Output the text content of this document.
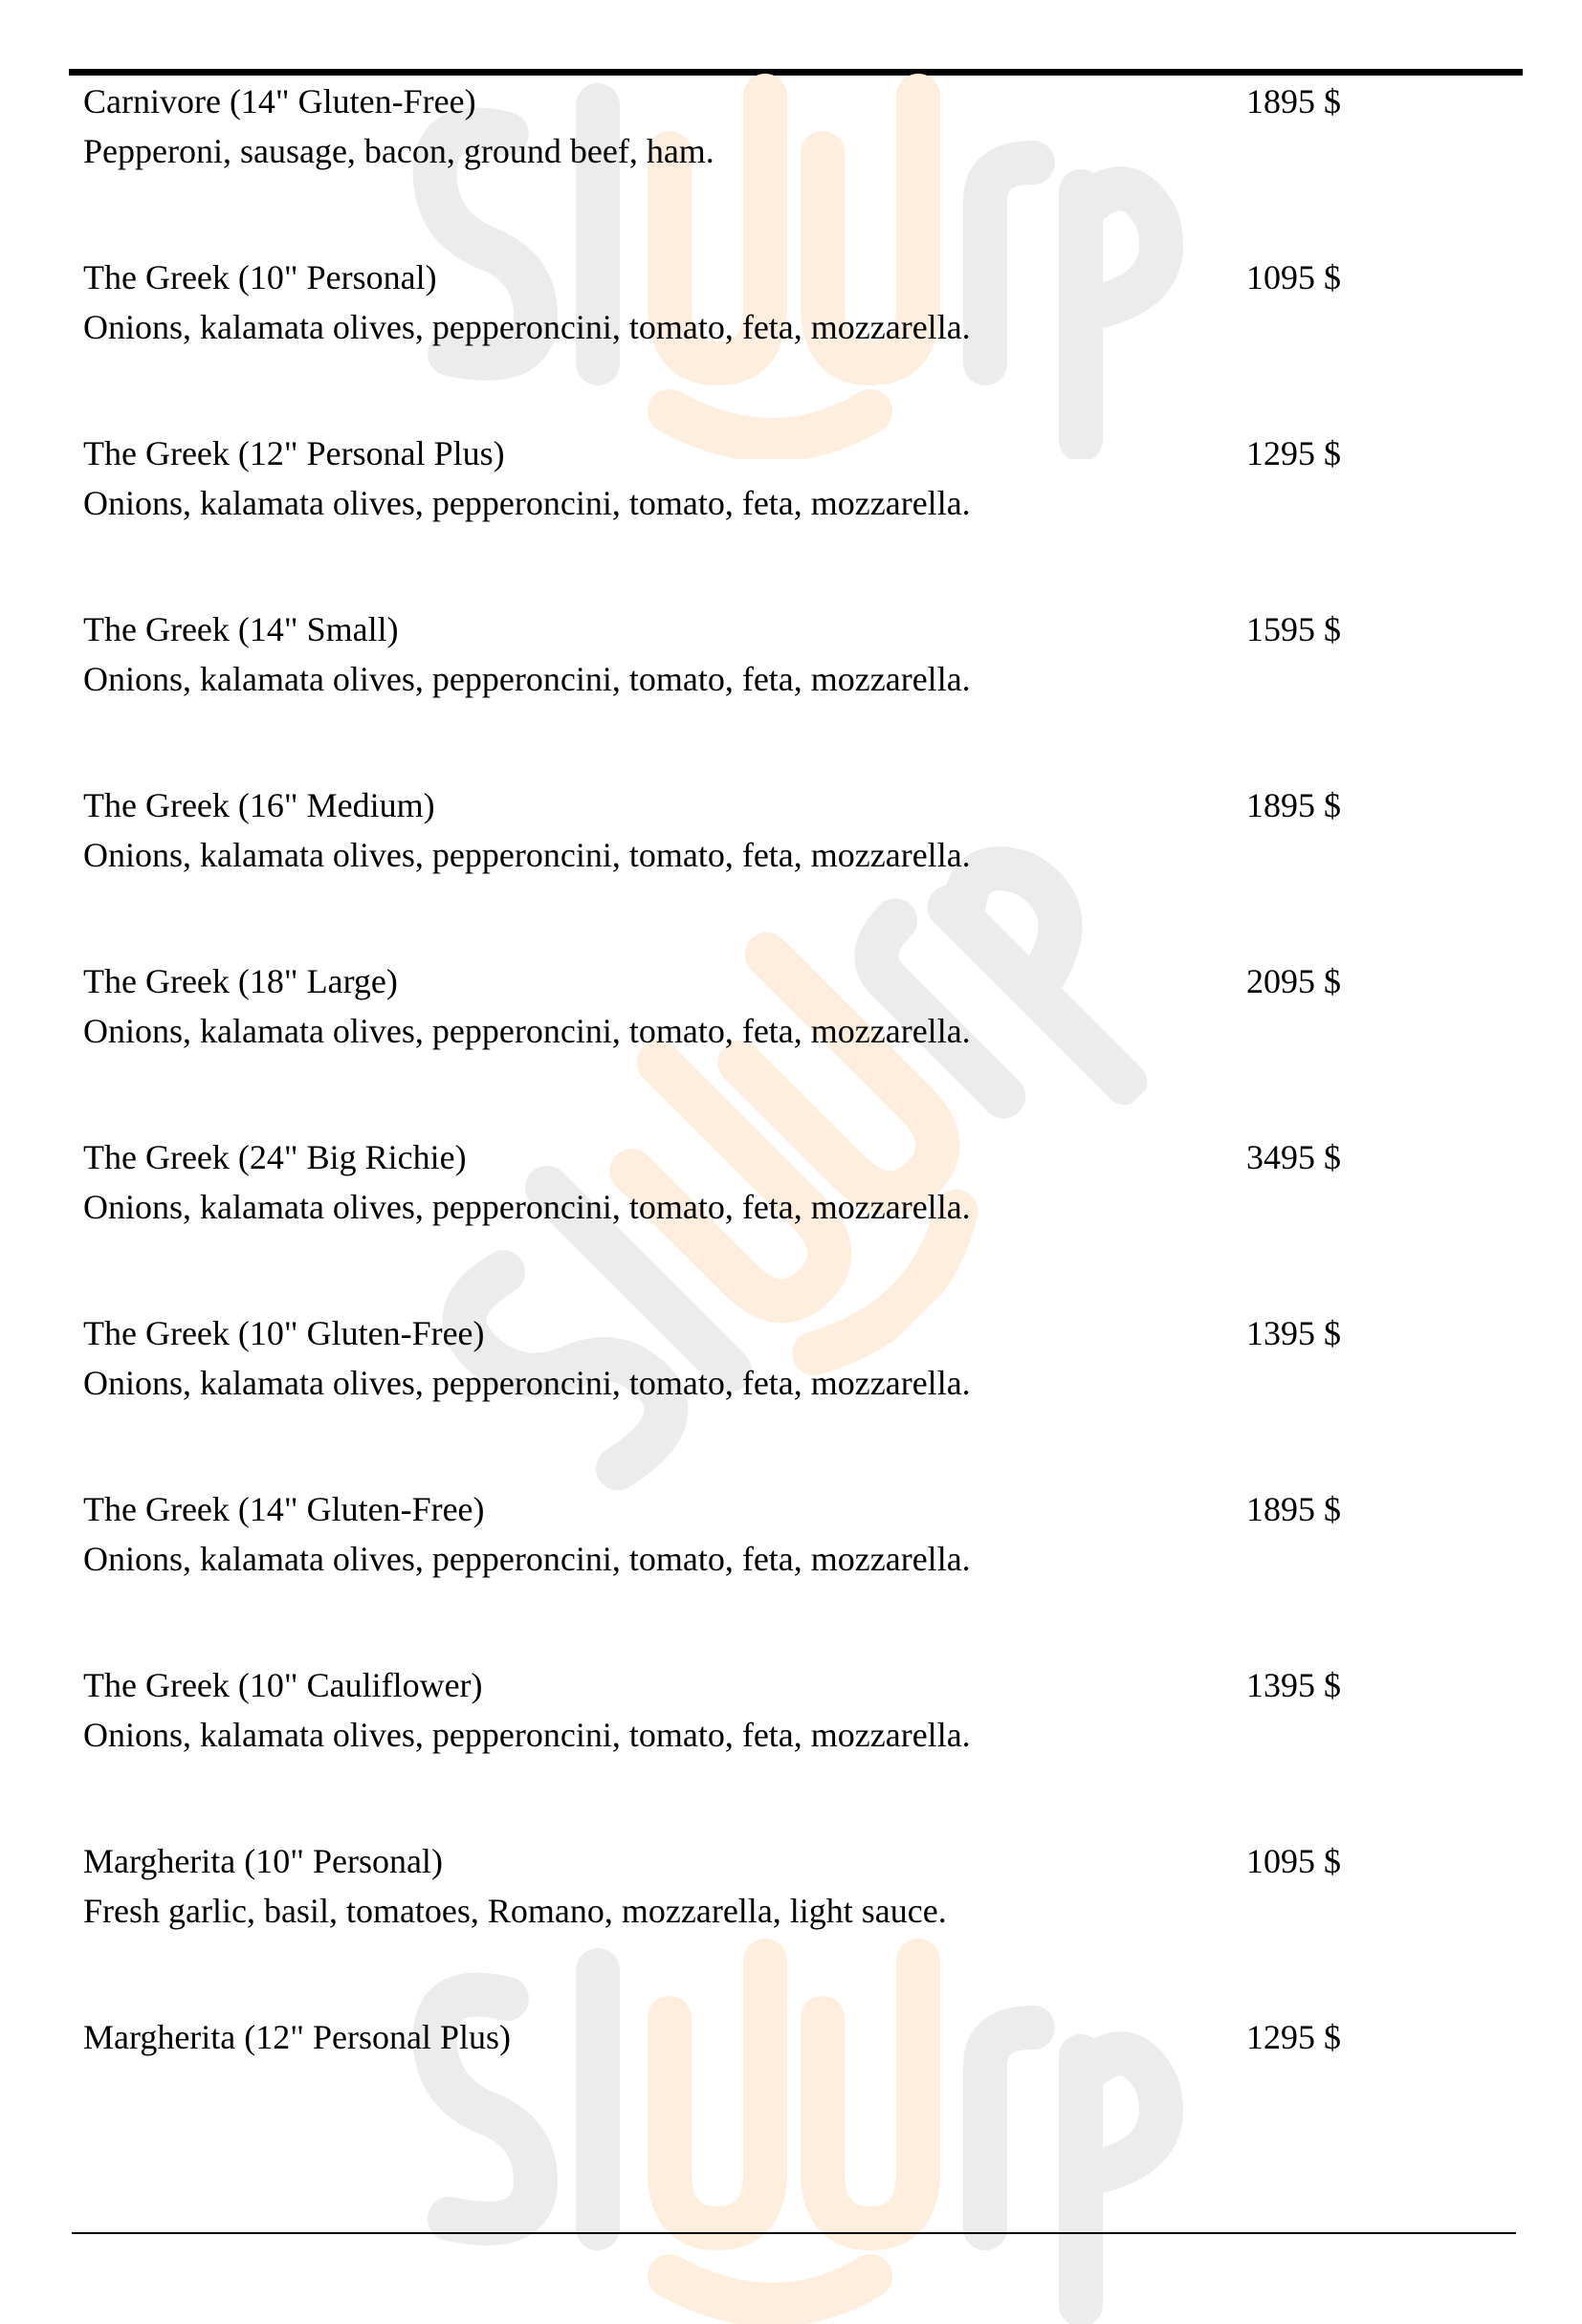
Carnivore (14" Gluten-Free)
Pepperoni, sausage, bacon, ground beef, ham.
1895 $
The Greek (10" Personal)
Onions, kalamata olives, pepperoncini, tomato, feta, mozzarella.
1095 $
The Greek (12" Personal Plus)
Onions, kalamata olives, pepperoncini, tomato, feta, mozzarella.
1295 $
The Greek (14" Small)
Onions, kalamata olives, pepperoncini, tomato, feta, mozzarella.
1595 $
The Greek (16" Medium)
Onions, kalamata olives, pepperoncini, tomato, feta, mozzarella.
1895 $
The Greek (18" Large)
Onions, kalamata olives, pepperoncini, tomato, feta, mozzarella.
2095 $
The Greek (24" Big Richie)
Onions, kalamata olives, pepperoncini, tomato, feta, mozzarella.
3495 $
The Greek (10" Gluten-Free)
Onions, kalamata olives, pepperoncini, tomato, feta, mozzarella.
1395 $
The Greek (14" Gluten-Free)
Onions, kalamata olives, pepperoncini, tomato, feta, mozzarella.
1895 $
The Greek (10" Cauliflower)
Onions, kalamata olives, pepperoncini, tomato, feta, mozzarella.
1395 $
Margherita (10" Personal)
Fresh garlic, basil, tomatoes, Romano, mozzarella, light sauce.
1095 $
Margherita (12" Personal Plus)	1295 $
